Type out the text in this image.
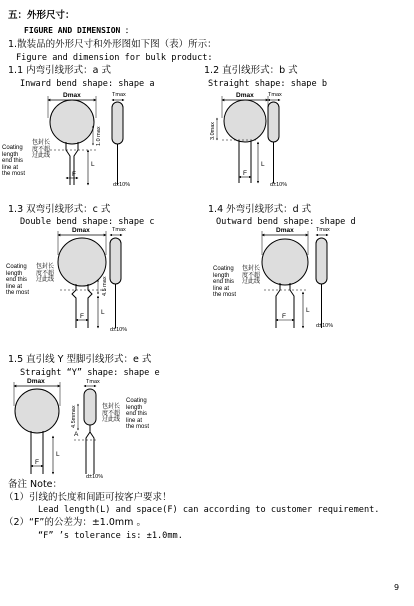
五：外形尺寸：
FIGURE AND DIMENSION ：
1.散装品的外形尺寸和外形图如下图（表）所示：
Figure and dimension for bulk product:
1.1 内弯引线形式：a 式
Inward bend shape: shape a
1.2 直引线形式：b 式
Straight shape: shape b
1.3 双弯引线形式：c 式
Double bend shape: shape c
1.4 外弯引线形式：d 式
Outward bend shape: shape d
1.5 直引线 Y 型脚引线形式：e 式
Straight “Y” shape: shape e
Dmax
F
L
1.0 max
Tmax
d±10%
Coating
length
end this
line at
the most
包封长
度不超
过此线
Dmax
F
L
3.0max
Tmax
d±10%
Dmax
F
L
4.5 max
Tmax
d±10%
Coating
length
end this
line at
the most
包封长
度不超
过此线
Dmax
F
L
Tmax
d±10%
Coating
length
end this
line at
the most
包封长
度不超
过此线
Dmax
F
L
Tmax
4.5mmax
A
d±10%
包封长
度不超
过此线
Coating
length
end this
line at
the most
备注 Note：
（1）引线的长度和间距可按客户要求！
Lead length(L) and space(F) can according to customer requirement.
（2）“F”的公差为：±1.0mm 。
“F” ’s tolerance is: ±1.0mm.
9
